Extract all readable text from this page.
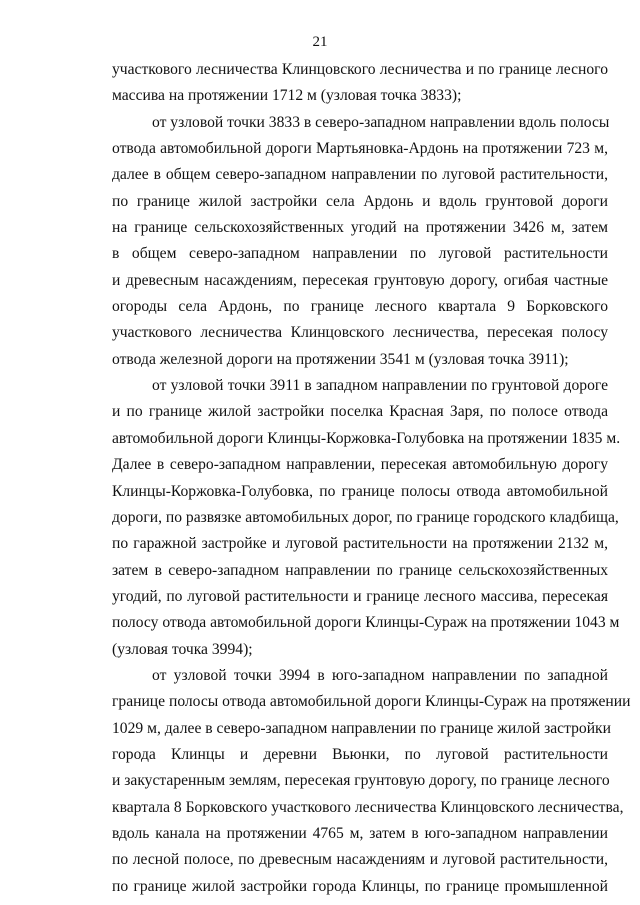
21
участкового лесничества Клинцовского лесничества и по границе лесного
массива на протяжении 1712 м (узловая точка 3833);
от узловой точки 3833 в северо-западном направлении вдоль полосы
отвода автомобильной дороги Мартьяновка-Ардонь на протяжении 723 м,
далее в общем северо-западном направлении по луговой растительности,
по границе жилой застройки села Ардонь и вдоль грунтовой дороги
на границе сельскохозяйственных угодий на протяжении 3426 м, затем
в общем северо-западном направлении по луговой растительности
и древесным насаждениям, пересекая грунтовую дорогу, огибая частные
огороды села Ардонь, по границе лесного квартала 9 Борковского
участкового лесничества Клинцовского лесничества, пересекая полосу
отвода железной дороги на протяжении 3541 м (узловая точка 3911);
от узловой точки 3911 в западном направлении по грунтовой дороге
и по границе жилой застройки поселка Красная Заря, по полосе отвода
автомобильной дороги Клинцы-Коржовка-Голубовка на протяжении 1835 м.
Далее в северо-западном направлении, пересекая автомобильную дорогу
Клинцы-Коржовка-Голубовка, по границе полосы отвода автомобильной
дороги, по развязке автомобильных дорог, по границе городского кладбища,
по гаражной застройке и луговой растительности на протяжении 2132 м,
затем в северо-западном направлении по границе сельскохозяйственных
угодий, по луговой растительности и границе лесного массива, пересекая
полосу отвода автомобильной дороги Клинцы-Сураж на протяжении 1043 м
(узловая точка 3994);
от узловой точки 3994 в юго-западном направлении по западной
границе полосы отвода автомобильной дороги Клинцы-Сураж на протяжении
1029 м, далее в северо-западном направлении по границе жилой застройки
города Клинцы и деревни Вьюнки, по луговой растительности
и закустаренным землям, пересекая грунтовую дорогу, по границе лесного
квартала 8 Борковского участкового лесничества Клинцовского лесничества,
вдоль канала на протяжении 4765 м, затем в юго-западном направлении
по лесной полосе, по древесным насаждениям и луговой растительности,
по границе жилой застройки города Клинцы, по границе промышленной
